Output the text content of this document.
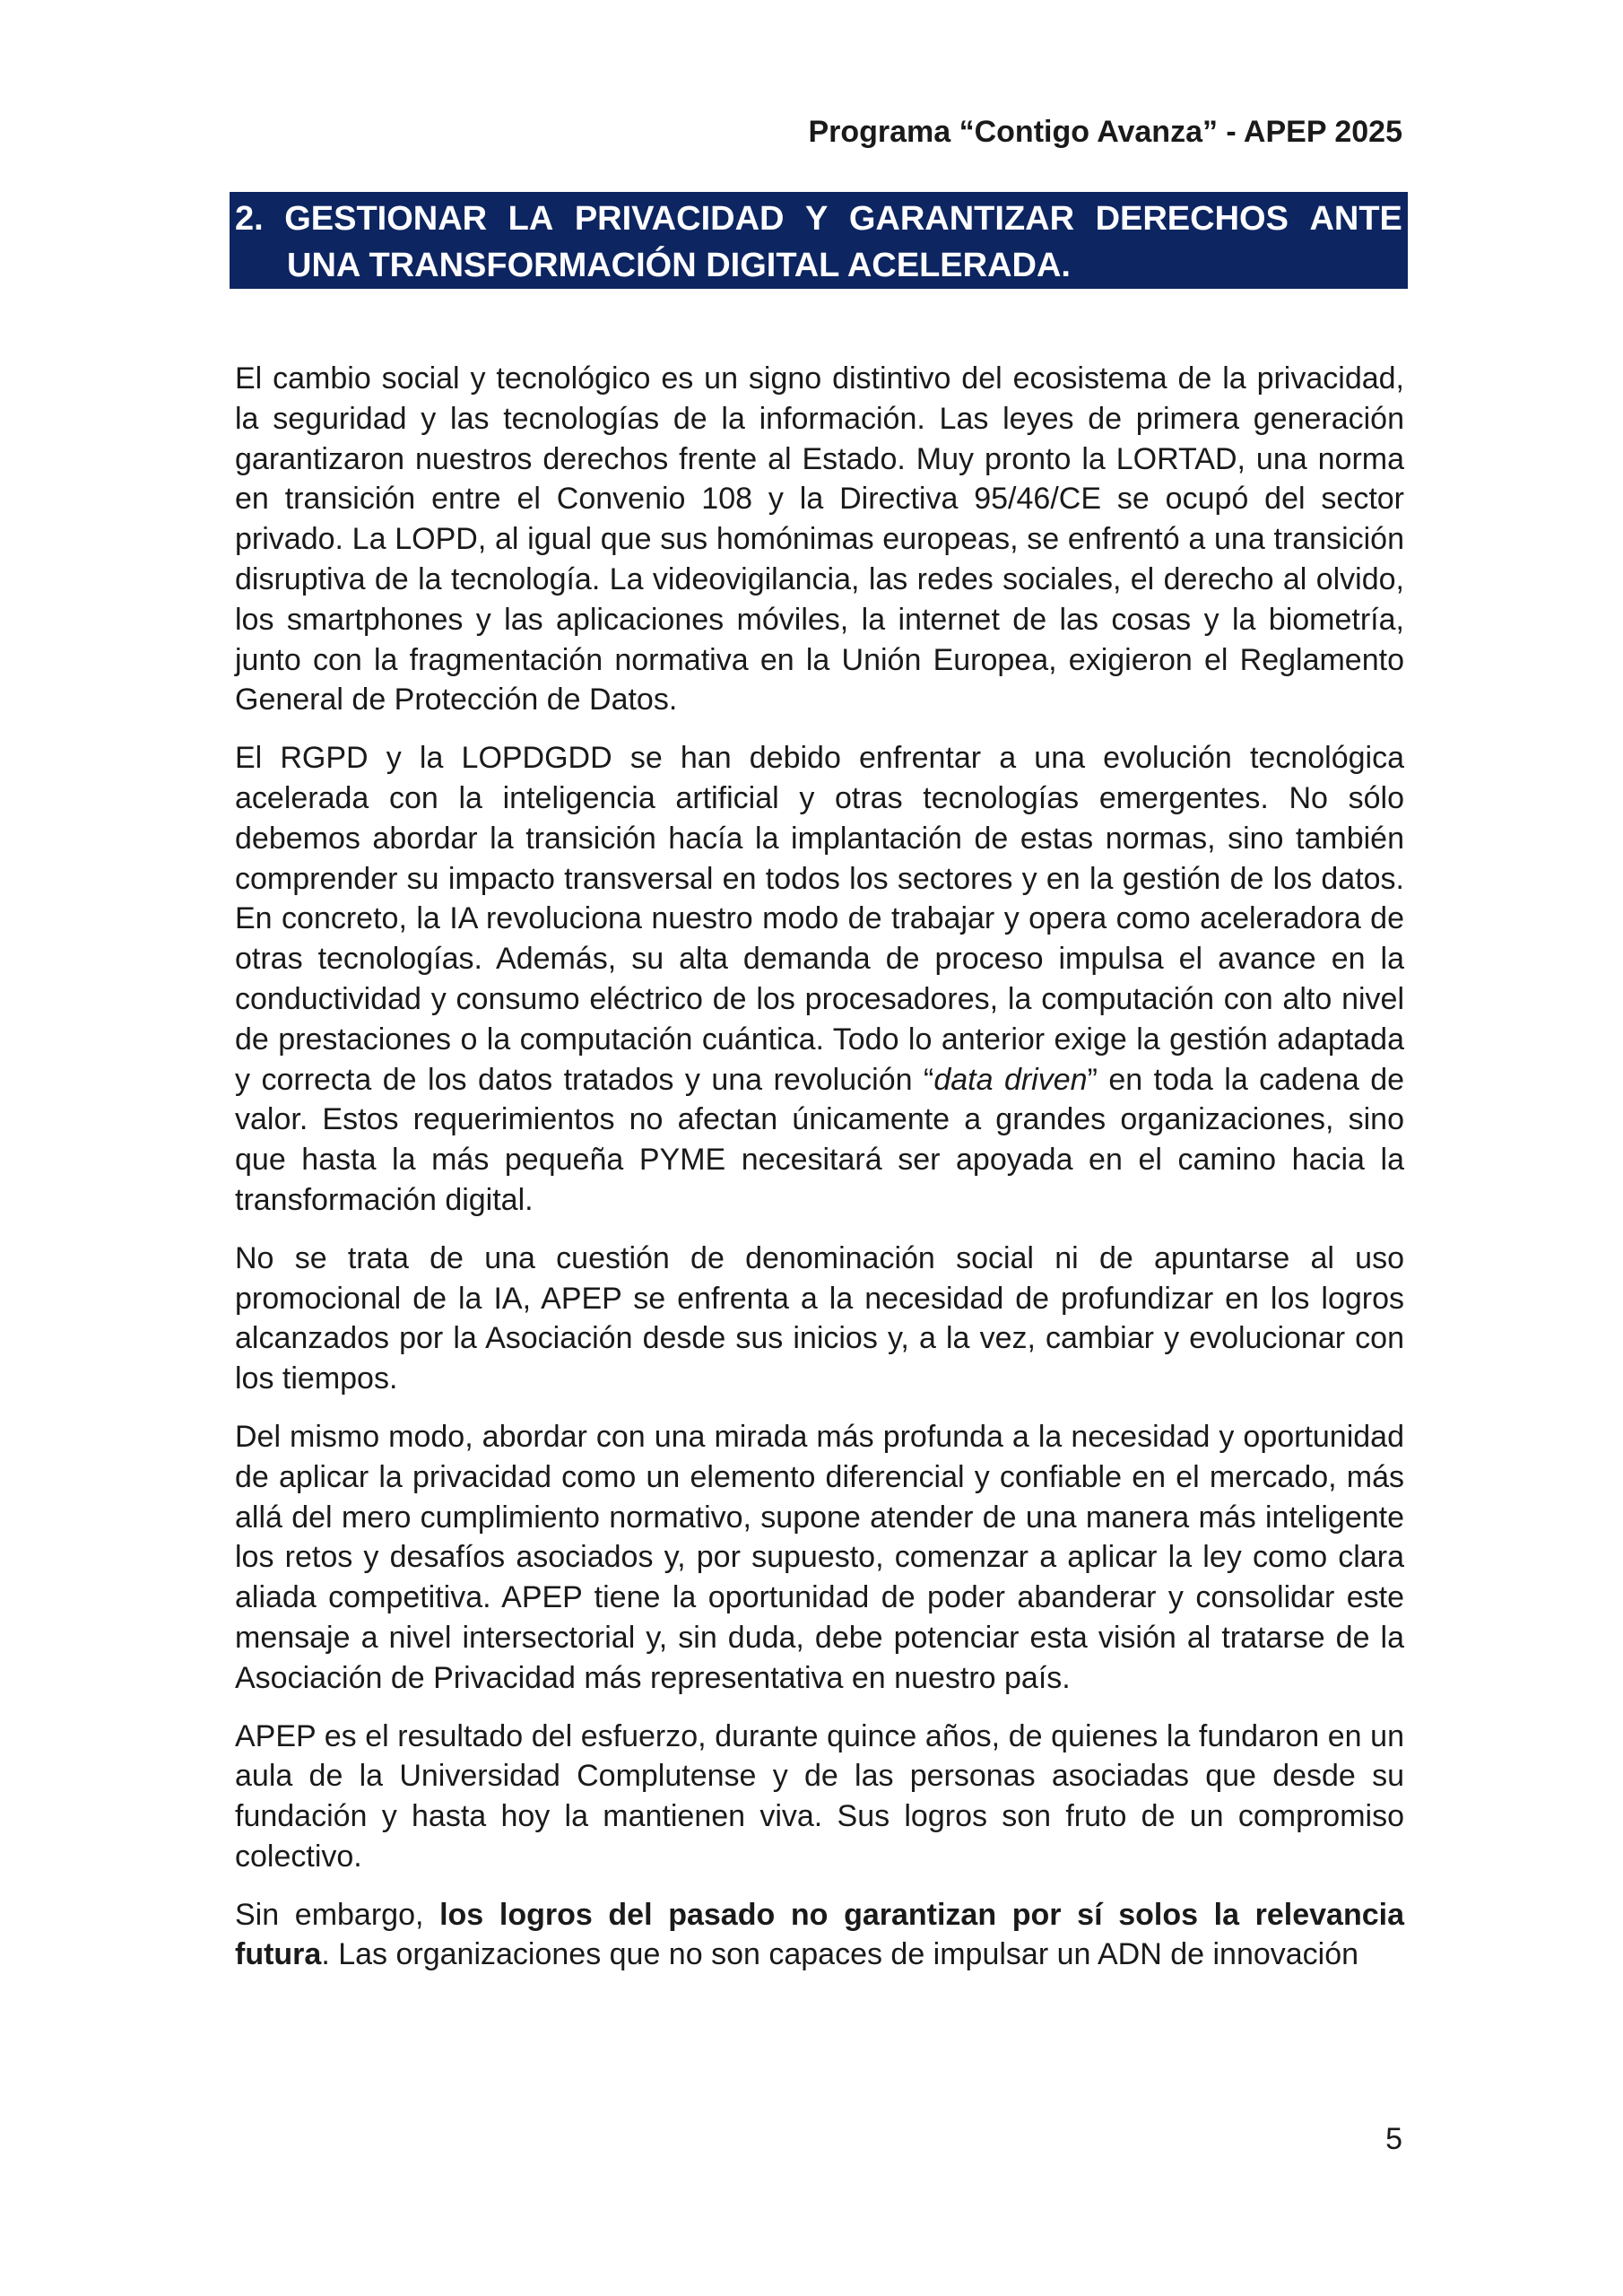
Programa “Contigo Avanza” - APEP 2025
2. GESTIONAR LA PRIVACIDAD Y GARANTIZAR DERECHOS ANTE
UNA TRANSFORMACIÓN DIGITAL ACELERADA.

El cambio social y tecnológico es un signo distintivo del ecosistema de la privacidad, la seguridad y las tecnologías de la información. Las leyes de primera generación garantizaron nuestros derechos frente al Estado. Muy pronto la LORTAD, una norma en transición entre el Convenio 108 y la Directiva 95/46/CE se ocupó del sector privado. La LOPD, al igual que sus homónimas europeas, se enfrentó a una transición disruptiva de la tecnología. La videovigilancia, las redes sociales, el derecho al olvido, los smartphones y las aplicaciones móviles, la internet de las cosas y la biometría, junto con la fragmentación normativa en la Unión Europea, exigieron el Reglamento General de Protección de Datos.

El RGPD y la LOPDGDD se han debido enfrentar a una evolución tecnológica acelerada con la inteligencia artificial y otras tecnologías emergentes. No sólo debemos abordar la transición hacía la implantación de estas normas, sino también comprender su impacto transversal en todos los sectores y en la gestión de los datos. En concreto, la IA revoluciona nuestro modo de trabajar y opera como aceleradora de otras tecnologías. Además, su alta demanda de proceso impulsa el avance en la conductividad y consumo eléctrico de los procesadores, la computación con alto nivel de prestaciones o la computación cuántica. Todo lo anterior exige la gestión adaptada y correcta de los datos tratados y una revolución “data driven” en toda la cadena de valor. Estos requerimientos no afectan únicamente a grandes organizaciones, sino que hasta la más pequeña PYME necesitará ser apoyada en el camino hacia la transformación digital.

No se trata de una cuestión de denominación social ni de apuntarse al uso promocional de la IA, APEP se enfrenta a la necesidad de profundizar en los logros alcanzados por la Asociación desde sus inicios y, a la vez, cambiar y evolucionar con los tiempos.

Del mismo modo, abordar con una mirada más profunda a la necesidad y oportunidad de aplicar la privacidad como un elemento diferencial y confiable en el mercado, más allá del mero cumplimiento normativo, supone atender de una manera más inteligente los retos y desafíos asociados y, por supuesto, comenzar a aplicar la ley como clara aliada competitiva. APEP tiene la oportunidad de poder abanderar y consolidar este mensaje a nivel intersectorial y, sin duda, debe potenciar esta visión al tratarse de la Asociación de Privacidad más representativa en nuestro país.

APEP es el resultado del esfuerzo, durante quince años, de quienes la fundaron en un aula de la Universidad Complutense y de las personas asociadas que desde su fundación y hasta hoy la mantienen viva. Sus logros son fruto de un compromiso colectivo.

Sin embargo, los logros del pasado no garantizan por sí solos la relevancia futura. Las organizaciones que no son capaces de impulsar un ADN de innovación

5
